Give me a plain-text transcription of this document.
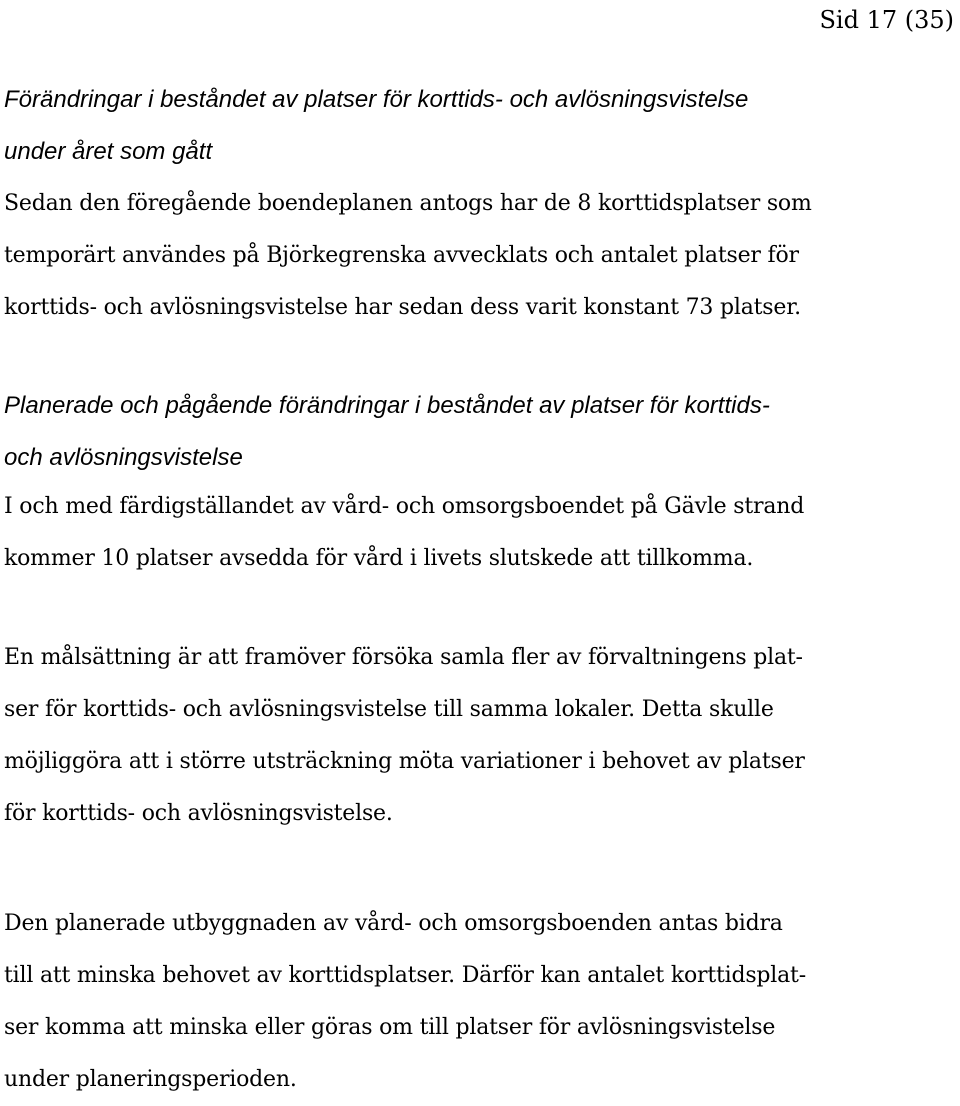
Sid 17 (35)
Förändringar i beståndet av platser för korttids- och avlösningsvistelse
under året som gått

Sedan den föregående boendeplanen antogs har de 8 korttidsplatser som
temporärt användes på Björkegrenska avvecklats och antalet platser för
korttids- och avlösningsvistelse har sedan dess varit konstant 73 platser.

Planerade och pågående förändringar i beståndet av platser för korttids-
och avlösningsvistelse

I och med färdigställandet av vård- och omsorgsboendet på Gävle strand
kommer 10 platser avsedda för vård i livets slutskede att tillkomma.

En målsättning är att framöver försöka samla fler av förvaltningens plat-
ser för korttids- och avlösningsvistelse till samma lokaler. Detta skulle
möjliggöra att i större utsträckning möta variationer i behovet av platser
för korttids- och avlösningsvistelse.

Den planerade utbyggnaden av vård- och omsorgsboenden antas bidra
till att minska behovet av korttidsplatser. Därför kan antalet korttidsplat-
ser komma att minska eller göras om till platser för avlösningsvistelse
under planeringsperioden.
